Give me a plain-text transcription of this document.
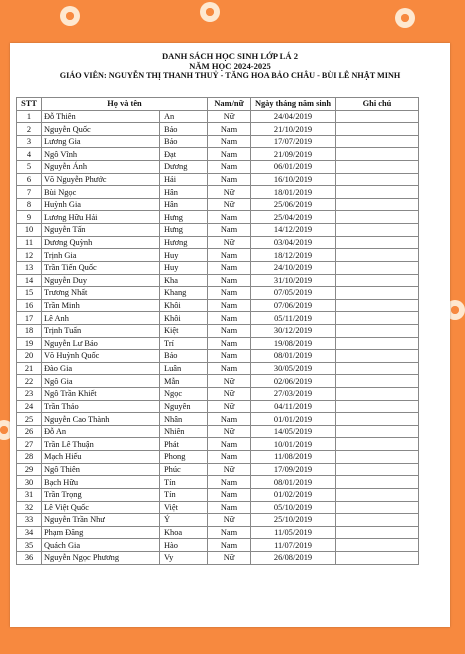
DANH SÁCH HỌC SINH LỚP LÁ 2
NĂM HỌC 2024-2025
GIÁO VIÊN: NGUYỄN THỊ THANH THUỶ - TĂNG HOA BẢO CHÂU - BÙI LÊ NHẬT MINH
STT	Họ và tên		Nam/nữ	Ngày tháng năm sinh	Ghi chú
1	Đỗ Thiên	An	Nữ	24/04/2019	
2	Nguyễn Quốc	Bảo	Nam	21/10/2019	
3	Lương Gia	Bảo	Nam	17/07/2019	
4	Ngô Vĩnh	Đạt	Nam	21/09/2019	
5	Nguyễn Ánh	Dương	Nam	06/01/2019	
6	Võ Nguyễn Phước	Hải	Nam	16/10/2019	
7	Bùi Ngọc	Hân	Nữ	18/01/2019	
8	Huỳnh Gia	Hân	Nữ	25/06/2019	
9	Lương Hữu Hải	Hưng	Nam	25/04/2019	
10	Nguyễn Tấn	Hưng	Nam	14/12/2019	
11	Dương Quỳnh	Hương	Nữ	03/04/2019	
12	Trịnh Gia	Huy	Nam	18/12/2019	
13	Trần Tiến Quốc	Huy	Nam	24/10/2019	
14	Nguyễn Duy	Kha	Nam	31/10/2019	
15	Trương Nhất	Khang	Nam	07/05/2019	
16	Trần Minh	Khôi	Nam	07/06/2019	
17	Lê Anh	Khôi	Nam	05/11/2019	
18	Trịnh Tuấn	Kiệt	Nam	30/12/2019	
19	Nguyễn Lư Bảo	Trí	Nam	19/08/2019	
20	Võ Huỳnh Quốc	Bảo	Nam	08/01/2019	
21	Đào Gia	Luân	Nam	30/05/2019	
22	Ngô Gia	Mẫn	Nữ	02/06/2019	
23	Ngô Trần Khiết	Ngọc	Nữ	27/03/2019	
24	Trần Thảo	Nguyên	Nữ	04/11/2019	
25	Nguyễn Cao Thành	Nhân	Nam	01/01/2019	
26	Đỗ An	Nhiên	Nữ	14/05/2019	
27	Trần Lê Thuận	Phát	Nam	10/01/2019	
28	Mạch Hiếu	Phong	Nam	11/08/2019	
29	Ngô Thiên	Phúc	Nữ	17/09/2019	
30	Bạch Hữu	Tín	Nam	08/01/2019	
31	Trần Trọng	Tín	Nam	01/02/2019	
32	Lê Việt Quốc	Việt	Nam	05/10/2019	
33	Nguyễn Trần Như	Ý	Nữ	25/10/2019	
34	Phạm Đăng	Khoa	Nam	11/05/2019	
35	Quách Gia	Hào	Nam	11/07/2019	
36	Nguyễn Ngọc Phương	Vy	Nữ	26/08/2019	
